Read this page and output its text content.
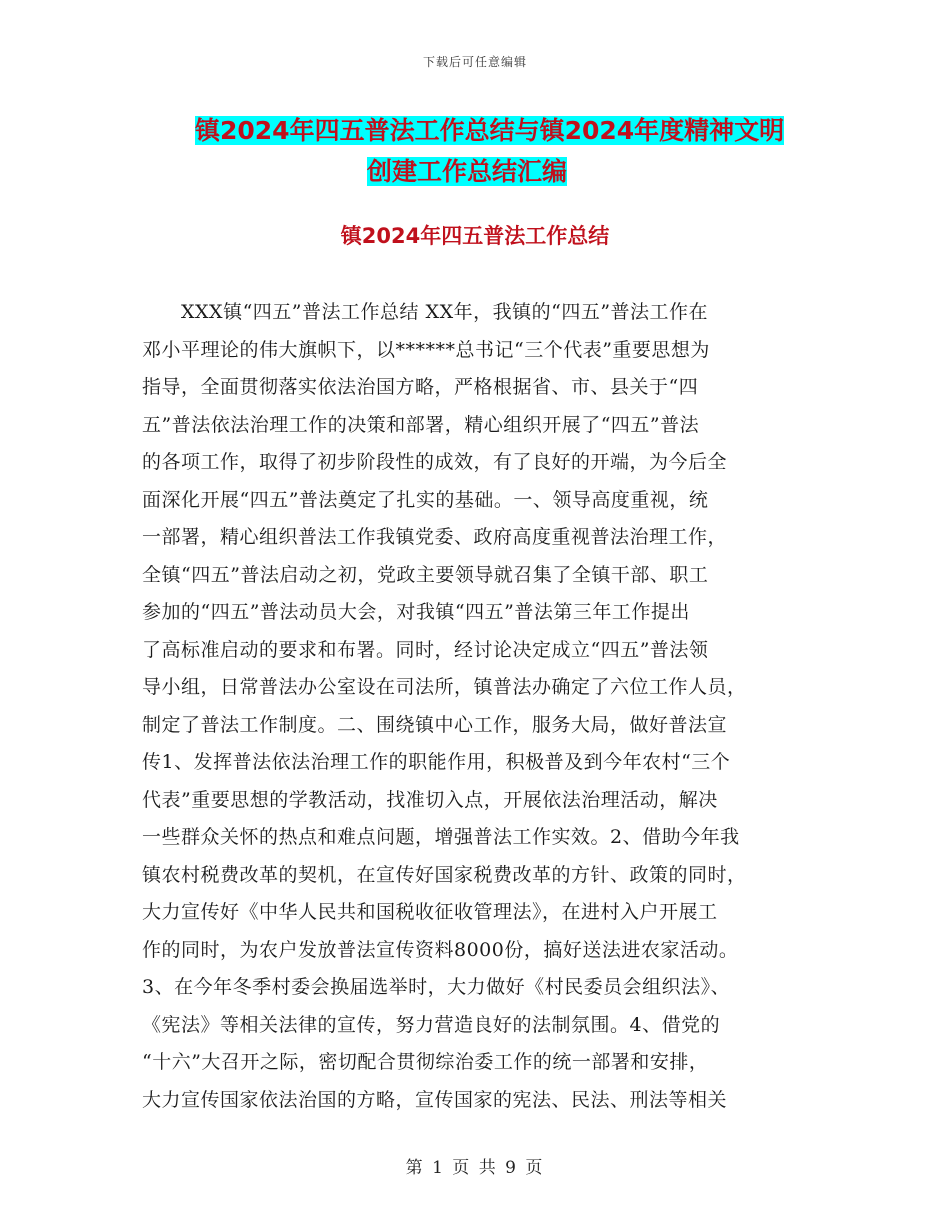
下载后可任意编辑
镇2024年四五普法工作总结与镇2024年度精神文明
创建工作总结汇编
镇2024年四五普法工作总结
　　XXX镇“四五”普法工作总结 XX年，我镇的“四五”普法工作在
邓小平理论的伟大旗帜下，以******总书记“三个代表”重要思想为
指导，全面贯彻落实依法治国方略，严格根据省、市、县关于“四
五”普法依法治理工作的决策和部署，精心组织开展了“四五”普法
的各项工作，取得了初步阶段性的成效，有了良好的开端，为今后全
面深化开展“四五”普法奠定了扎实的基础。一、领导高度重视，统
一部署，精心组织普法工作我镇党委、政府高度重视普法治理工作，
全镇“四五”普法启动之初，党政主要领导就召集了全镇干部、职工
参加的“四五”普法动员大会，对我镇“四五”普法第三年工作提出
了高标准启动的要求和布署。同时，经讨论决定成立“四五”普法领
导小组，日常普法办公室设在司法所，镇普法办确定了六位工作人员，
制定了普法工作制度。二、围绕镇中心工作，服务大局，做好普法宣
传1、发挥普法依法治理工作的职能作用，积极普及到今年农村“三个
代表”重要思想的学教活动，找准切入点，开展依法治理活动，解决
一些群众关怀的热点和难点问题，增强普法工作实效。2、借助今年我
镇农村税费改革的契机，在宣传好国家税费改革的方针、政策的同时，
大力宣传好《中华人民共和国税收征收管理法》，在进村入户开展工
作的同时，为农户发放普法宣传资料8000份，搞好送法进农家活动。
3、在今年冬季村委会换届选举时，大力做好《村民委员会组织法》、
《宪法》等相关法律的宣传，努力营造良好的法制氛围。4、借党的
“十六”大召开之际，密切配合贯彻综治委工作的统一部署和安排，
大力宣传国家依法治国的方略，宣传国家的宪法、民法、刑法等相关
第 1 页 共 9 页
